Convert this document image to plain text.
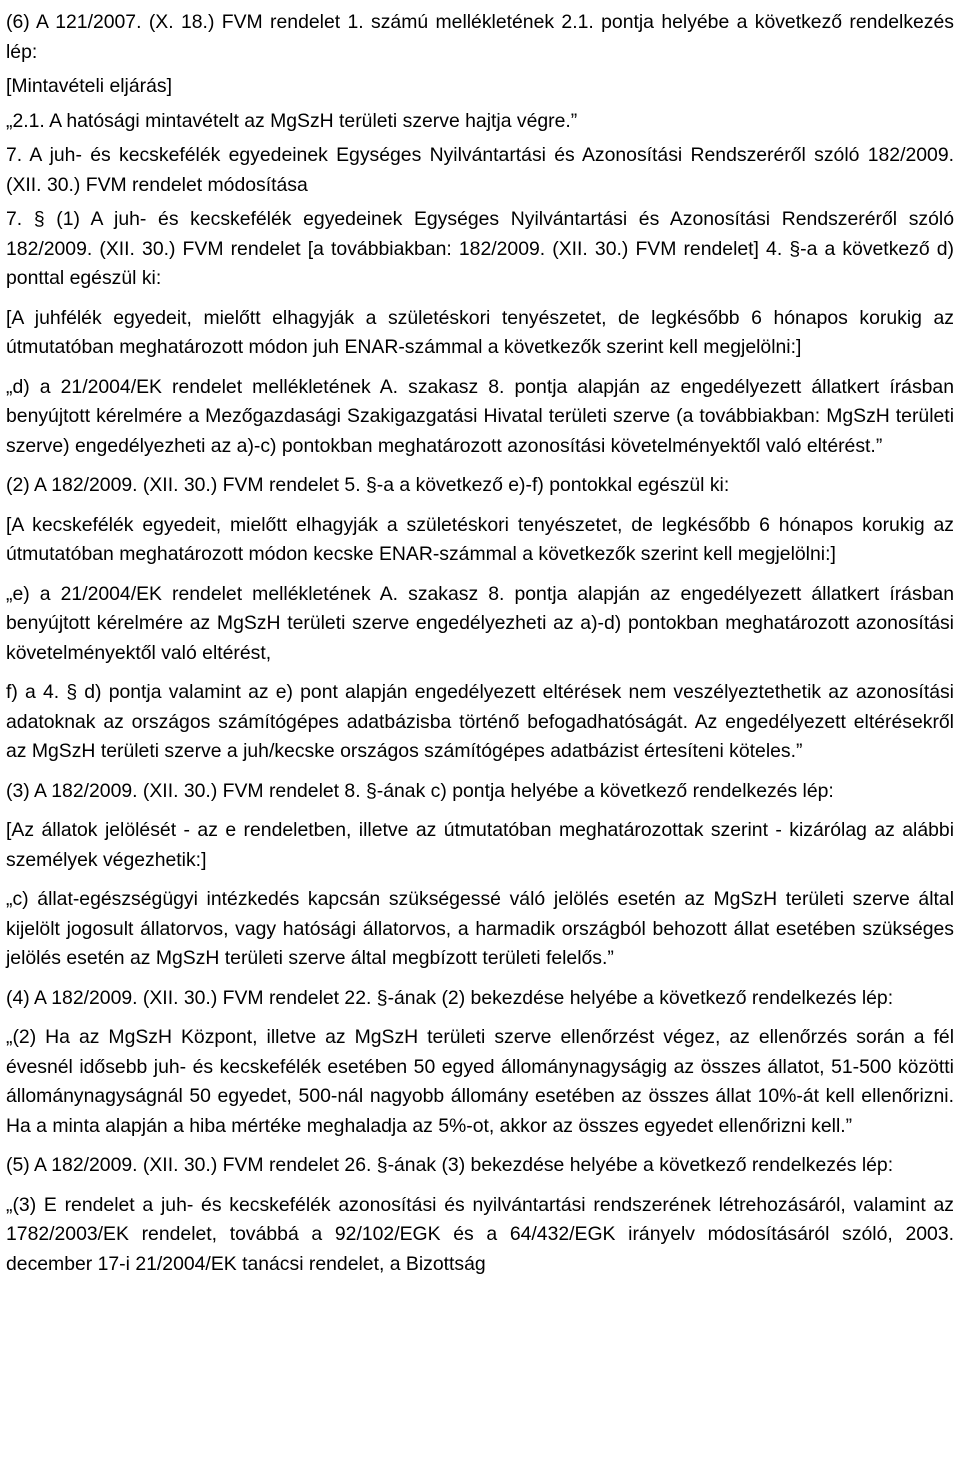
(6) A 121/2007. (X. 18.) FVM rendelet 1. számú mellékletének 2.1. pontja helyébe a következő rendelkezés lép:

[Mintavételi eljárás]

„2.1. A hatósági mintavételt az MgSzH területi szerve hajtja végre.”

7. A juh- és kecskefélék egyedeinek Egységes Nyilvántartási és Azonosítási Rendszeréről szóló 182/2009. (XII. 30.) FVM rendelet módosítása

7. § (1) A juh- és kecskefélék egyedeinek Egységes Nyilvántartási és Azonosítási Rendszeréről szóló 182/2009. (XII. 30.) FVM rendelet [a továbbiakban: 182/2009. (XII. 30.) FVM rendelet] 4. §-a a következő d) ponttal egészül ki:

[A juhfélék egyedeit, mielőtt elhagyják a születéskori tenyészetet, de legkésőbb 6 hónapos korukig az útmutatóban meghatározott módon juh ENAR-számmal a következők szerint kell megjelölni:]

„d) a 21/2004/EK rendelet mellékletének A. szakasz 8. pontja alapján az engedélyezett állatkert írásban benyújtott kérelmére a Mezőgazdasági Szakigazgatási Hivatal területi szerve (a továbbiakban: MgSzH területi szerve) engedélyezheti az a)-c) pontokban meghatározott azonosítási követelményektől való eltérést.”

(2) A 182/2009. (XII. 30.) FVM rendelet 5. §-a a következő e)-f) pontokkal egészül ki:

[A kecskefélék egyedeit, mielőtt elhagyják a születéskori tenyészetet, de legkésőbb 6 hónapos korukig az útmutatóban meghatározott módon kecske ENAR-számmal a következők szerint kell megjelölni:]

„e) a 21/2004/EK rendelet mellékletének A. szakasz 8. pontja alapján az engedélyezett állatkert írásban benyújtott kérelmére az MgSzH területi szerve engedélyezheti az a)-d) pontokban meghatározott azonosítási követelményektől való eltérést,

f) a 4. § d) pontja valamint az e) pont alapján engedélyezett eltérések nem veszélyeztethetik az azonosítási adatoknak az országos számítógépes adatbázisba történő befogadhatóságát. Az engedélyezett eltérésekről az MgSzH területi szerve a juh/kecske országos számítógépes adatbázist értesíteni köteles.”

(3) A 182/2009. (XII. 30.) FVM rendelet 8. §-ának c) pontja helyébe a következő rendelkezés lép:

[Az állatok jelölését - az e rendeletben, illetve az útmutatóban meghatározottak szerint - kizárólag az alábbi személyek végezhetik:]

„c) állat-egészségügyi intézkedés kapcsán szükségessé váló jelölés esetén az MgSzH területi szerve által kijelölt jogosult állatorvos, vagy hatósági állatorvos, a harmadik országból behozott állat esetében szükséges jelölés esetén az MgSzH területi szerve által megbízott területi felelős.”

(4) A 182/2009. (XII. 30.) FVM rendelet 22. §-ának (2) bekezdése helyébe a következő rendelkezés lép:

„(2) Ha az MgSzH Központ, illetve az MgSzH területi szerve ellenőrzést végez, az ellenőrzés során a fél évesnél idősebb juh- és kecskefélék esetében 50 egyed állománynagyságig az összes állatot, 51-500 közötti állománynagyságnál 50 egyedet, 500-nál nagyobb állomány esetében az összes állat 10%-át kell ellenőrizni. Ha a minta alapján a hiba mértéke meghaladja az 5%-ot, akkor az összes egyedet ellenőrizni kell.”

(5) A 182/2009. (XII. 30.) FVM rendelet 26. §-ának (3) bekezdése helyébe a következő rendelkezés lép:

„(3) E rendelet a juh- és kecskefélék azonosítási és nyilvántartási rendszerének létrehozásáról, valamint az 1782/2003/EK rendelet, továbbá a 92/102/EGK és a 64/432/EGK irányelv módosításáról szóló, 2003. december 17-i 21/2004/EK tanácsi rendelet, a Bizottság
